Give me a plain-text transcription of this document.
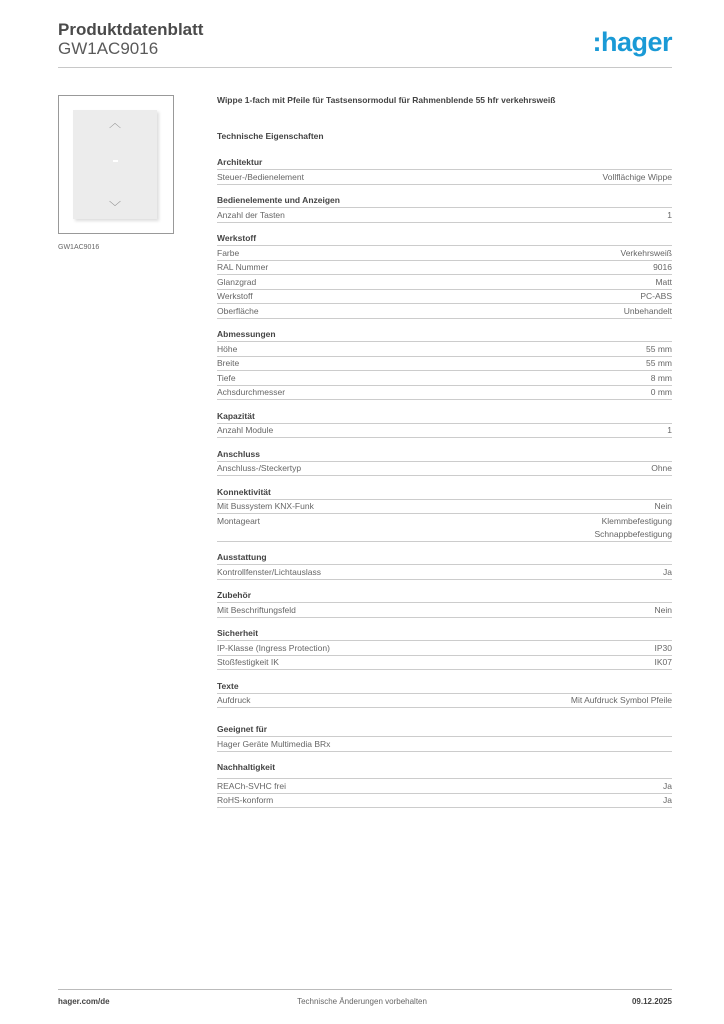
Produktdatenblatt
GW1AC9016	:hager
︿
﹀
GW1AC9016
Wippe 1-fach mit Pfeile für Tastsensormodul für Rahmenblende 55 hfr verkehrsweiß
Technische Eigenschaften
Architektur
Steuer-/Bedienelement	Vollflächige Wippe
Bedienelemente und Anzeigen
Anzahl der Tasten	1
Werkstoff
Farbe	Verkehrsweiß
RAL Nummer	9016
Glanzgrad	Matt
Werkstoff	PC-ABS
Oberfläche	Unbehandelt
Abmessungen
Höhe	55 mm
Breite	55 mm
Tiefe	8 mm
Achsdurchmesser	0 mm
Kapazität
Anzahl Module	1
Anschluss
Anschluss-/Steckertyp	Ohne
Konnektivität
Mit Bussystem KNX-Funk	Nein
Montageart	Klemmbefestigung
Schnappbefestigung
Ausstattung
Kontrollfenster/Lichtauslass	Ja
Zubehör
Mit Beschriftungsfeld	Nein
Sicherheit
IP-Klasse (Ingress Protection)	IP30
Stoßfestigkeit IK	IK07
Texte
Aufdruck	Mit Aufdruck Symbol Pfeile
Geeignet für
Hager Geräte Multimedia BRx
Nachhaltigkeit
REACh-SVHC frei	Ja
RoHS-konform	Ja
hager.com/de	Technische Änderungen vorbehalten	09.12.2025
